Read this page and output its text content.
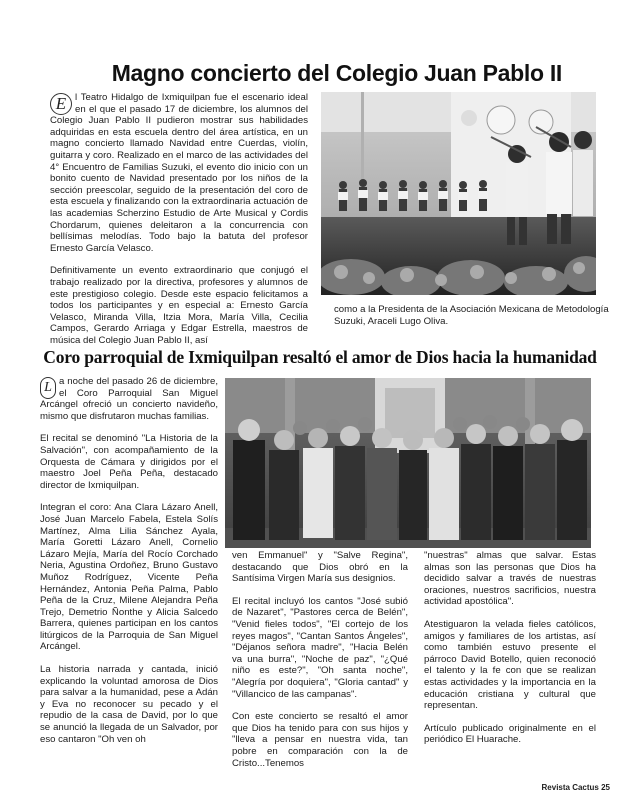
Magno concierto del Colegio Juan Pablo II

E l Teatro Hidalgo de Ixmiquilpan fue el escenario ideal en el que el pasado 17 de diciembre, los alumnos del Colegio Juan Pablo II pudieron mostrar sus habilidades adquiridas en esta escuela dentro del área artística, en un magno concierto llamado Navidad entre Cuerdas, violín, guitarra y coro. Realizado en el marco de las actividades del 4° Encuentro de Familias Suzuki, el evento dio inicio con un bonito cuento de Navidad presentado por los niños de la sección preescolar, seguido de la presentación del coro de esta escuela y finalizando con la extraordinaria actuación de las academias Scherzino Estudio de Arte Musical y Cordis Chordarum, quienes deleitaron a la concurrencia con bellísimas melodías. Todo bajo la batuta del profesor Ernesto García Velasco.

Definitivamente un evento extraordinario que conjugó el trabajo realizado por la directiva, profesores y alumnos de este prestigioso colegio. Desde este espacio felicitamos a todos los participantes y en especial a: Ernesto García Velasco, Miranda Villa, Itzia Mora, María Villa, Cecilia Campos, Gerardo Arriaga y Edgar Estrella, maestros de música del Colegio Juan Pablo II, así

como a la Presidenta de la Asociación Mexicana de Metodología Suzuki, Araceli Lugo Oliva.
Coro parroquial de Ixmiquilpan resaltó el amor de Dios hacia la humanidad

L a noche del pasado 26 de diciembre, el Coro Parroquial San Miguel Arcángel ofreció un concierto navideño, mismo que disfrutaron muchas familias.

El recital se denominó "La Historia de la Salvación", con acompañamiento de la Orquesta de Cámara y dirigidos por el maestro Joel Peña Peña, destacado director de Ixmiquilpan.

Integran el coro: Ana Clara Lázaro Anell, José Juan Marcelo Fabela, Estela Solís Martínez, Alma Lilia Sánchez Ayala, María Goretti Lázaro Anell, Cornelio Lázaro Mejía, María del Rocío Corchado Neria, Agustina Ordoñez, Bruno Gustavo Muñoz Rodríguez, Vicente Peña Hernández, Antonia Peña Palma, Pablo Peña de la Cruz, Milene Alejandra Peña Trejo, Demetrio Ñonthe y Alicia Salcedo Barrera, quienes participan en los cantos litúrgicos de la Parroquia de San Miguel Arcángel.

La historia narrada y cantada, inició explicando la voluntad amorosa de Dios para salvar a la humanidad, pese a Adán y Eva no reconocer su pecado y el repudio de la casa de David, por lo que se anunció la llegada de un Salvador, por eso cantaron "Oh ven oh

ven Emmanuel" y "Salve Regina", destacando que Dios obró en la Santísima Virgen María sus designios.

El recital incluyó los cantos "José subió de Nazaret", "Pastores cerca de Belén", "Venid fieles todos", "El cortejo de los reyes magos", "Cantan Santos Ángeles", "Déjanos señora madre", "Hacia Belén va una burra", "Noche de paz", "¿Qué niño es este?", "Oh santa noche", "Alegría por doquiera", "Gloria cantad" y "Villancico de las campanas".

Con este concierto se resaltó el amor que Dios ha tenido para con sus hijos y "lleva a pensar en nuestra vida, tan pobre en comparación con la de Cristo...Tenemos

"nuestras" almas que salvar. Estas almas son las personas que Dios ha decidido salvar a través de nuestras oraciones, nuestros sacrificios, nuestra actividad apostólica".

Atestiguaron la velada fieles católicos, amigos y familiares de los artistas, así como también estuvo presente el párroco David Botello, quien reconoció el talento y la fe con que se realizan estas actividades y la importancia en la educación cristiana y cultural que representan.

Artículo publicado originalmente en el periódico El Huarache.

Revista Cactus 25
